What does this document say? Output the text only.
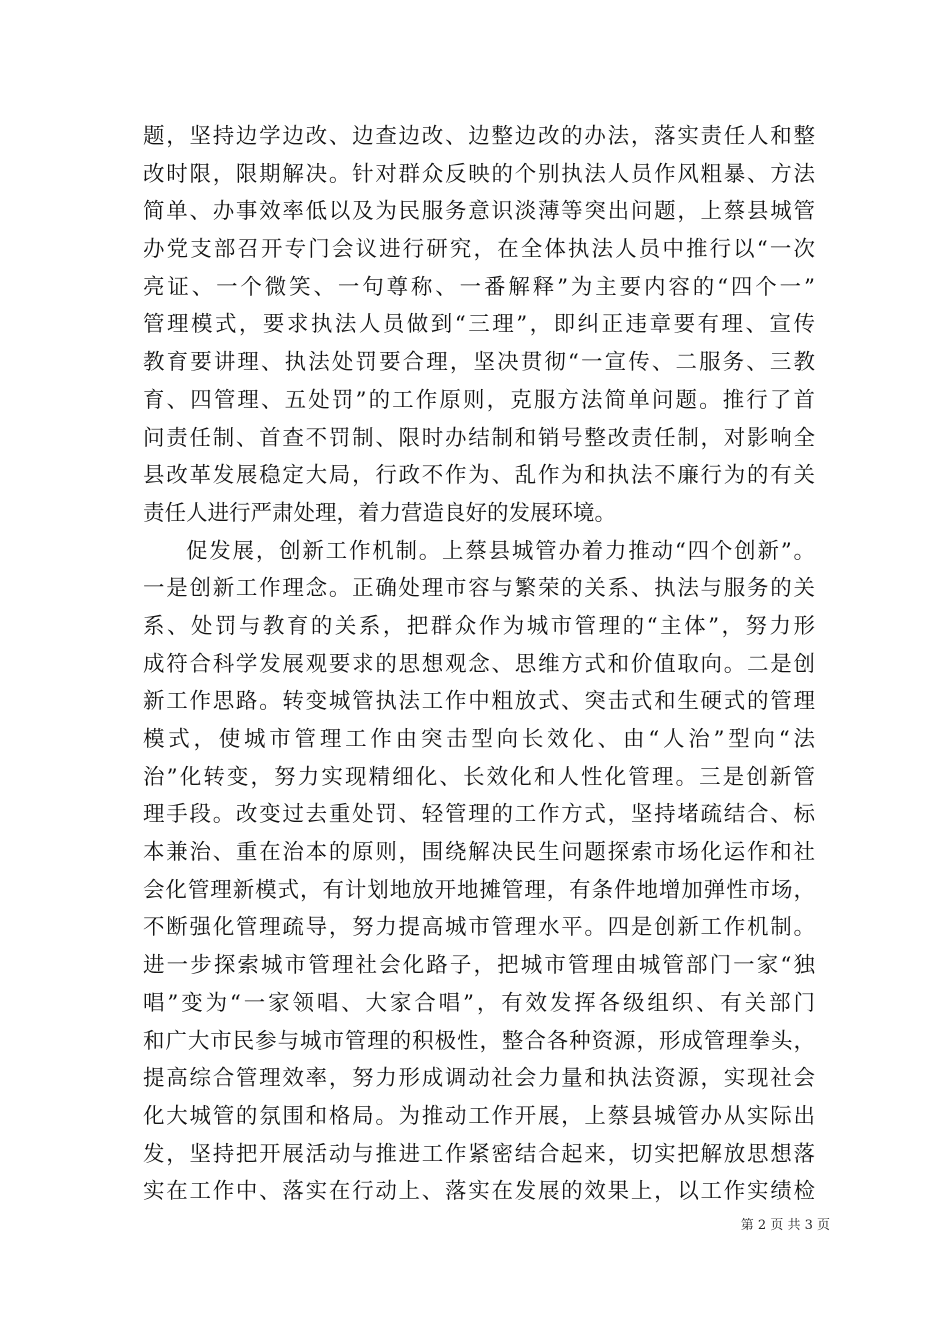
题，坚持边学边改、边查边改、边整边改的办法，落实责任人和整
改时限，限期解决。针对群众反映的个别执法人员作风粗暴、方法
简单、办事效率低以及为民服务意识淡薄等突出问题，上蔡县城管
办党支部召开专门会议进行研究，在全体执法人员中推行以“一次
亮证、一个微笑、一句尊称、一番解释”为主要内容的“四个一”
管理模式，要求执法人员做到“三理”，即纠正违章要有理、宣传
教育要讲理、执法处罚要合理，坚决贯彻“一宣传、二服务、三教
育、四管理、五处罚”的工作原则，克服方法简单问题。推行了首
问责任制、首查不罚制、限时办结制和销号整改责任制，对影响全
县改革发展稳定大局，行政不作为、乱作为和执法不廉行为的有关
责任人进行严肃处理，着力营造良好的发展环境。
促发展，创新工作机制。上蔡县城管办着力推动“四个创新”。
一是创新工作理念。正确处理市容与繁荣的关系、执法与服务的关
系、处罚与教育的关系，把群众作为城市管理的“主体”，努力形
成符合科学发展观要求的思想观念、思维方式和价值取向。二是创
新工作思路。转变城管执法工作中粗放式、突击式和生硬式的管理
模式，使城市管理工作由突击型向长效化、由“人治”型向“法
治”化转变，努力实现精细化、长效化和人性化管理。三是创新管
理手段。改变过去重处罚、轻管理的工作方式，坚持堵疏结合、标
本兼治、重在治本的原则，围绕解决民生问题探索市场化运作和社
会化管理新模式，有计划地放开地摊管理，有条件地增加弹性市场，
不断强化管理疏导，努力提高城市管理水平。四是创新工作机制。
进一步探索城市管理社会化路子，把城市管理由城管部门一家“独
唱”变为“一家领唱、大家合唱”，有效发挥各级组织、有关部门
和广大市民参与城市管理的积极性，整合各种资源，形成管理拳头，
提高综合管理效率，努力形成调动社会力量和执法资源，实现社会
化大城管的氛围和格局。为推动工作开展，上蔡县城管办从实际出
发，坚持把开展活动与推进工作紧密结合起来，切实把解放思想落
实在工作中、落实在行动上、落实在发展的效果上，以工作实绩检
第 2 页 共 3 页
